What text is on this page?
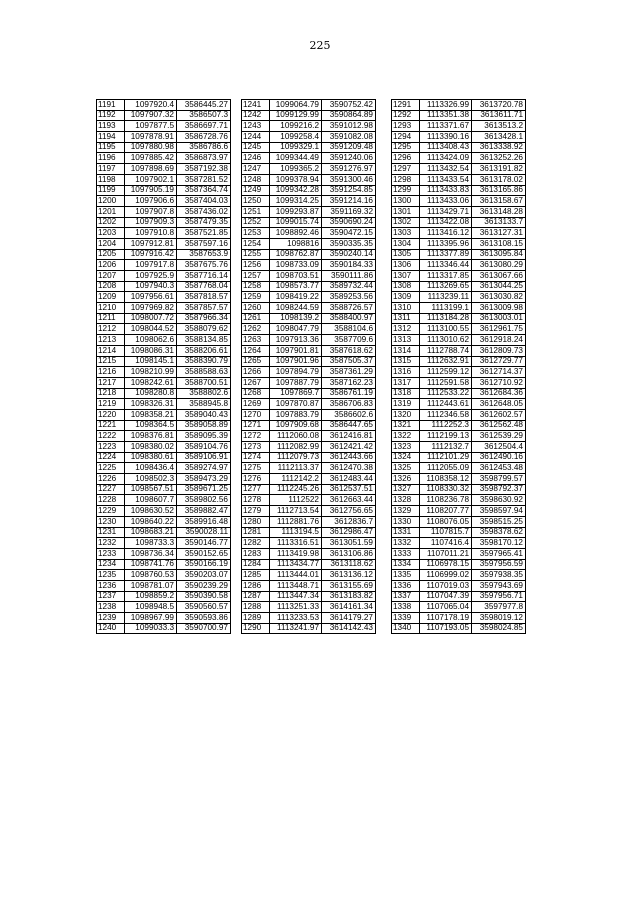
225
1191	1097920.4	3586445.27
1192	1097907.32	3586507.3
1193	1097877.5	3586697.71
1194	1097878.91	3586728.76
1195	1097880.98	3586786.6
1196	1097885.42	3586873.97
1197	1097898.69	3587192.38
1198	1097902.1	3587281.52
1199	1097905.19	3587364.74
1200	1097906.6	3587404.03
1201	1097907.8	3587436.02
1202	1097909.3	3587479.35
1203	1097910.8	3587521.85
1204	1097912.81	3587597.16
1205	1097916.42	3587653.9
1206	1097917.8	3587675.76
1207	1097925.9	3587716.14
1208	1097940.3	3587768.04
1209	1097956.61	3587818.57
1210	1097969.82	3587857.57
1211	1098007.72	3587966.34
1212	1098044.52	3588079.62
1213	1098062.6	3588134.85
1214	1098086.31	3588206.61
1215	1098145.1	3588390.79
1216	1098210.99	3588588.63
1217	1098242.61	3588700.51
1218	1098280.8	3588802.6
1219	1098326.31	3588945.8
1220	1098358.21	3589040.43
1221	1098364.5	3589058.89
1222	1098376.81	3589095.39
1223	1098380.02	3589104.76
1224	1098380.61	3589106.91
1225	1098436.4	3589274.97
1226	1098502.3	3589473.29
1227	1098567.51	3589671.25
1228	1098607.7	3589802.56
1229	1098630.52	3589882.47
1230	1098640.22	3589916.48
1231	1098683.21	3590028.11
1232	1098733.3	3590146.77
1233	1098736.34	3590152.65
1234	1098741.76	3590166.19
1235	1098760.53	3590203.07
1236	1098781.07	3590239.29
1237	1098859.2	3590390.58
1238	1098948.5	3590560.57
1239	1098967.99	3590593.86
1240	1099033.3	3590700.97
1241	1099064.79	3590752.42
1242	1099129.99	3590864.89
1243	1099216.2	3591012.98
1244	1099258.4	3591082.08
1245	1099329.1	3591209.48
1246	1099344.49	3591240.06
1247	1099365.2	3591276.97
1248	1099378.94	3591300.46
1249	1099342.28	3591254.85
1250	1099314.25	3591214.16
1251	1099293.87	3591169.32
1252	1099015.74	3590690.24
1253	1098892.46	3590472.15
1254	1098816	3590335.35
1255	1098762.87	3590240.14
1256	1098733.09	3590184.33
1257	1098703.51	3590111.86
1258	1098573.77	3589732.44
1259	1098419.22	3589253.56
1260	1098244.59	3588726.57
1261	1098139.2	3588400.97
1262	1098047.79	3588104.6
1263	1097913.36	3587709.6
1264	1097901.81	3587618.62
1265	1097901.96	3587505.37
1266	1097894.79	3587361.29
1267	1097887.79	3587162.23
1268	1097869.7	3586761.19
1269	1097870.87	3586706.83
1270	1097883.79	3586602.6
1271	1097909.68	3586447.65
1272	1112060.08	3612416.81
1273	1112082.99	3612421.42
1274	1112079.73	3612443.66
1275	1112113.37	3612470.38
1276	1112142.2	3612483.44
1277	1112245.26	3612537.51
1278	1112522	3612663.44
1279	1112713.54	3612756.65
1280	1112881.76	3612836.7
1281	1113194.5	3612986.47
1282	1113316.51	3613051.59
1283	1113419.98	3613106.86
1284	1113434.77	3613118.62
1285	1113444.01	3613136.12
1286	1113448.71	3613155.69
1287	1113447.34	3613183.82
1288	1113251.33	3614161.34
1289	1113233.53	3614179.27
1290	1113241.97	3614142.43
1291	1113326.99	3613720.78
1292	1113351.38	3613611.71
1293	1113371.67	3613513.2
1294	1113390.16	3613428.1
1295	1113408.43	3613338.92
1296	1113424.09	3613252.26
1297	1113432.54	3613191.82
1298	1113433.54	3613178.02
1299	1113433.83	3613165.86
1300	1113433.06	3613158.67
1301	1113429.71	3613148.28
1302	1113422.08	3613133.7
1303	1113416.12	3613127.31
1304	1113395.96	3613108.15
1305	1113377.89	3613095.84
1306	1113346.44	3613080.29
1307	1113317.85	3613067.66
1308	1113269.65	3613044.25
1309	1113239.11	3613030.82
1310	1113199.1	3613009.98
1311	1113184.28	3613003.01
1312	1113100.55	3612961.75
1313	1113010.62	3612918.24
1314	1112788.74	3612809.73
1315	1112632.91	3612729.77
1316	1112599.12	3612714.37
1317	1112591.58	3612710.92
1318	1112533.22	3612684.36
1319	1112443.61	3612648.05
1320	1112346.58	3612602.57
1321	1112252.3	3612562.48
1322	1112199.13	3612539.29
1323	1112132.7	3612504.4
1324	1112101.29	3612490.16
1325	1112055.09	3612453.48
1326	1108358.12	3598799.57
1327	1108330.32	3598792.37
1328	1108236.78	3598630.92
1329	1108207.77	3598597.94
1330	1108076.05	3598515.25
1331	1107815.7	3598378.62
1332	1107416.4	3598170.12
1333	1107011.21	3597965.41
1334	1106978.15	3597956.59
1335	1106999.02	3597938.35
1336	1107019.03	3597943.69
1337	1107047.39	3597956.71
1338	1107065.04	3597977.8
1339	1107178.19	3598019.12
1340	1107193.05	3598024.85
